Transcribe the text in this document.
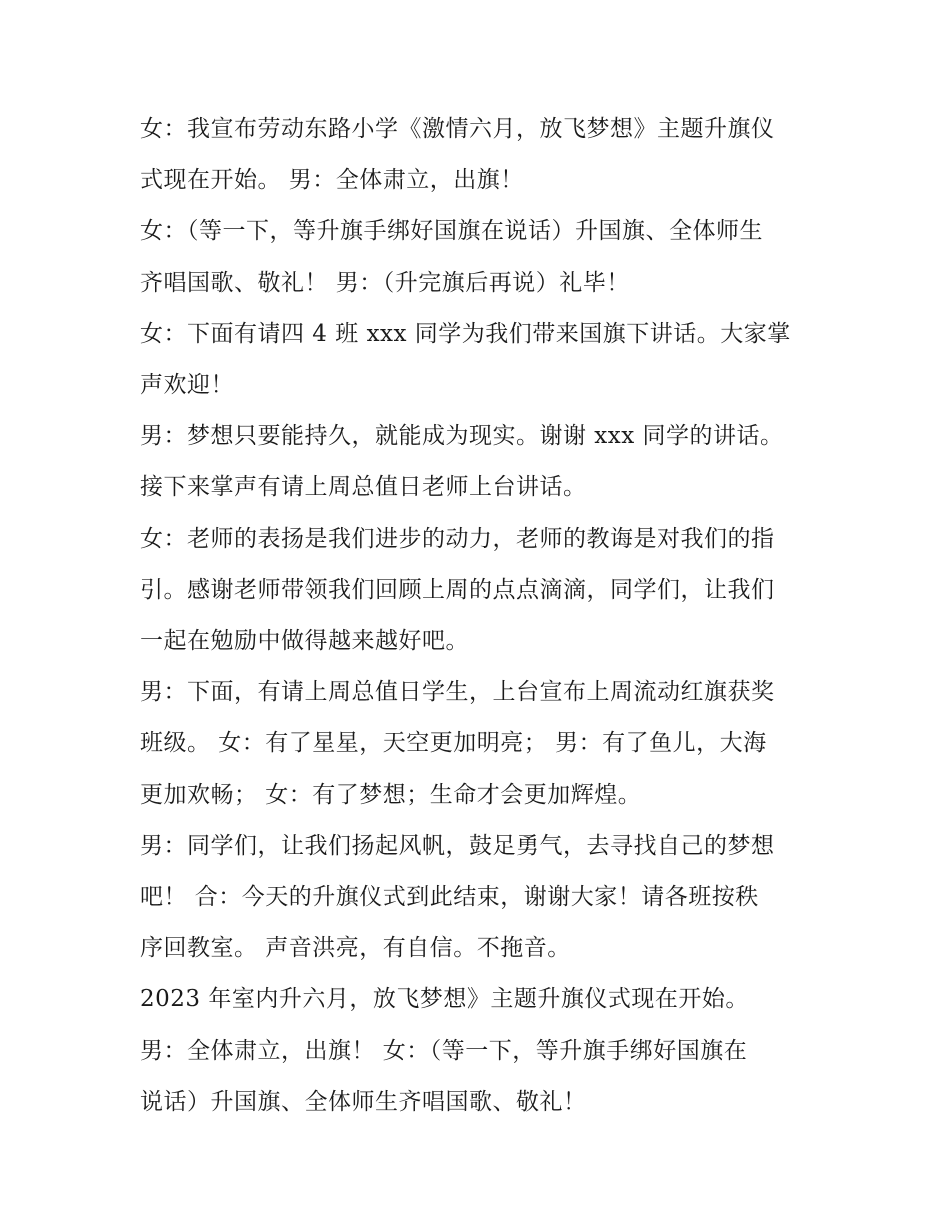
女：我宣布劳动东路小学《激情六月，放飞梦想》主题升旗仪
式现在开始。 男：全体肃立，出旗！

女：（等一下，等升旗手绑好国旗在说话）升国旗、全体师生
齐唱国歌、敬礼！ 男：（升完旗后再说）礼毕！

女：下面有请四 4 班 xxx 同学为我们带来国旗下讲话。大家掌
声欢迎！

男：梦想只要能持久，就能成为现实。谢谢 xxx 同学的讲话。
接下来掌声有请上周总值日老师上台讲话。

女：老师的表扬是我们进步的动力，老师的教诲是对我们的指
引。感谢老师带领我们回顾上周的点点滴滴，同学们，让我们
一起在勉励中做得越来越好吧。

男：下面，有请上周总值日学生，上台宣布上周流动红旗获奖
班级。 女：有了星星，天空更加明亮； 男：有了鱼儿，大海
更加欢畅； 女：有了梦想；生命才会更加辉煌。

男：同学们，让我们扬起风帆，鼓足勇气，去寻找自己的梦想
吧！ 合：今天的升旗仪式到此结束，谢谢大家！请各班按秩
序回教室。 声音洪亮，有自信。不拖音。

2023 年室内升六月，放飞梦想》主题升旗仪式现在开始。

男：全体肃立，出旗！ 女：（等一下，等升旗手绑好国旗在
说话）升国旗、全体师生齐唱国歌、敬礼！
